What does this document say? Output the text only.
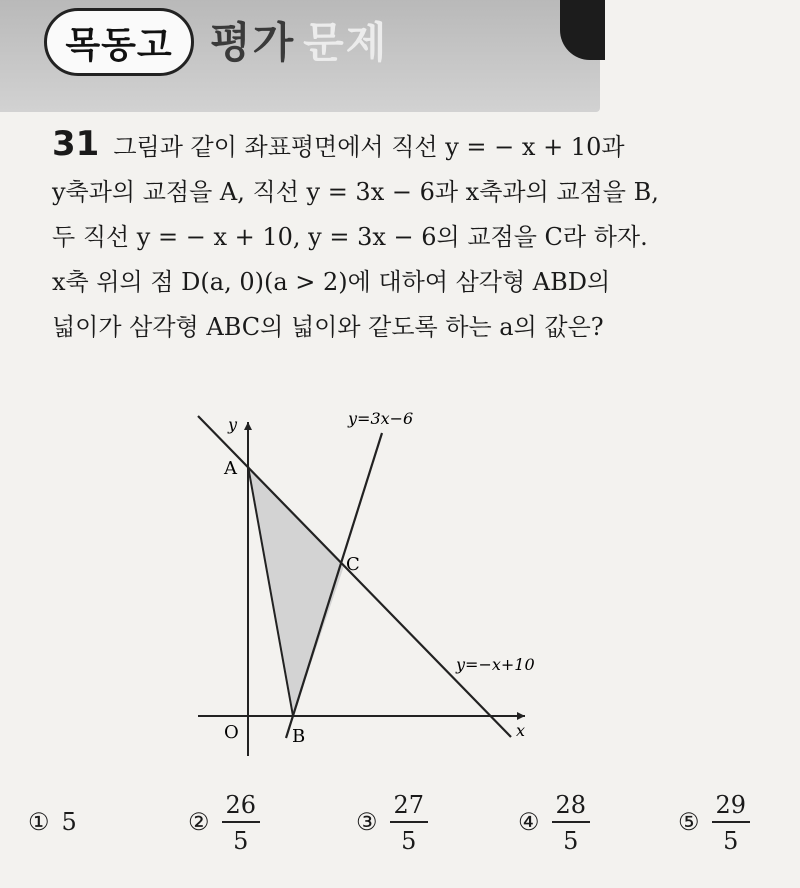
목동고 평가 문제
31 그림과 같이 좌표평면에서 직선 y = − x + 10과
y축과의 교점을 A, 직선 y = 3x − 6과 x축과의 교점을 B,
두 직선 y = − x + 10, y = 3x − 6의 교점을 C라 하자.
x축 위의 점 D(a, 0)(a > 2)에 대하여 삼각형 ABD의
넓이가 삼각형 ABC의 넓이와 같도록 하는 a의 값은?
y
x
O
A
B
C
y=3x−6
y=−x+10
① 5	② $\frac{26}{5}$	③ $\frac{27}{5}$	④ $\frac{28}{5}$	⑤ $\frac{29}{5}$
